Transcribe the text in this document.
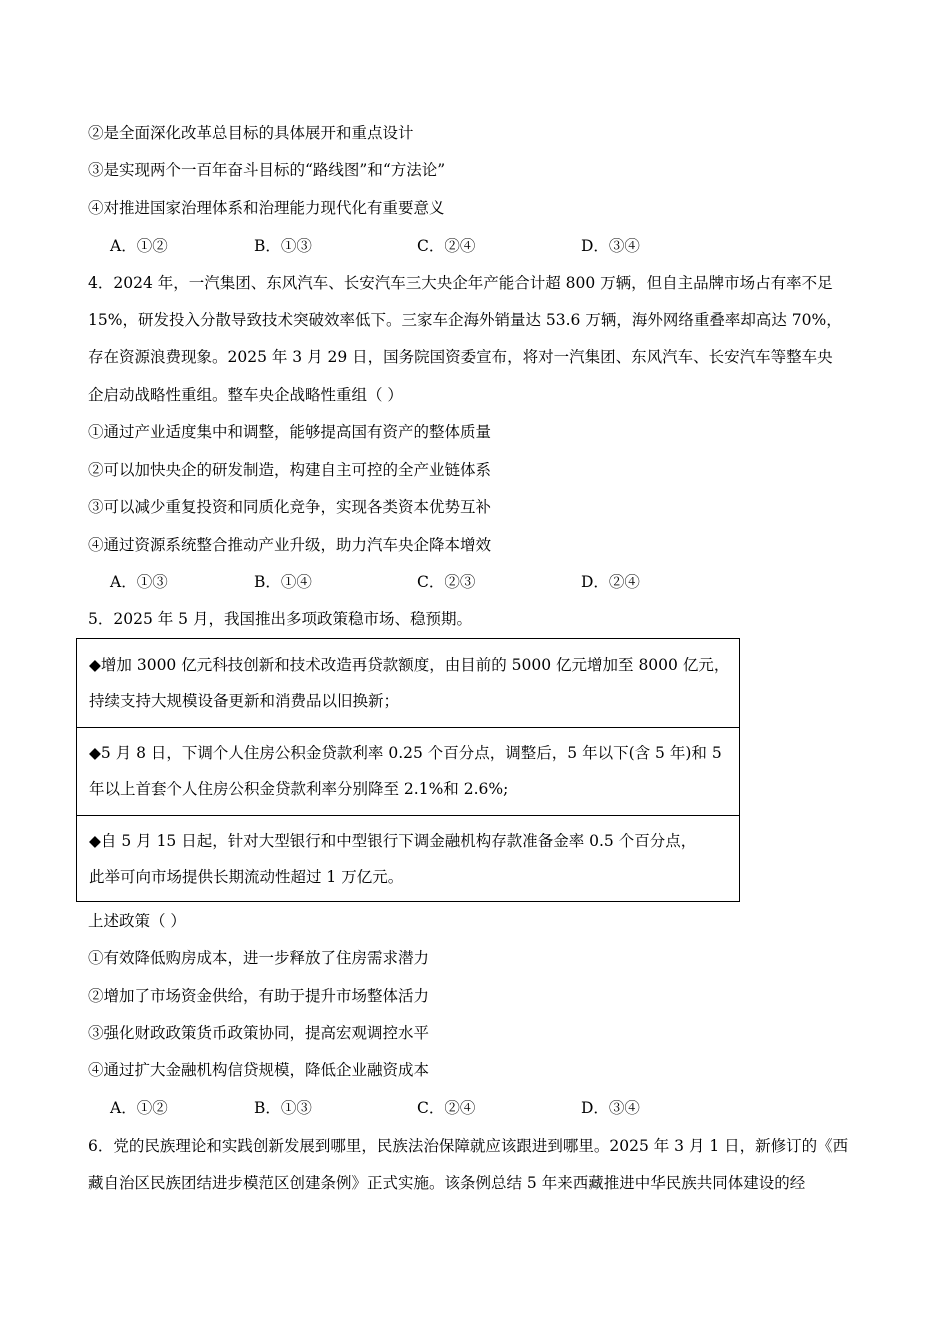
②是全面深化改革总目标的具体展开和重点设计
③是实现两个一百年奋斗目标的“路线图”和“方法论”
④对推进国家治理体系和治理能力现代化有重要意义
A．①②	B．①③	C．②④	D．③④
4．2024 年，一汽集团、东风汽车、长安汽车三大央企年产能合计超 800 万辆，但自主品牌市场占有率不足
15%，研发投入分散导致技术突破效率低下。三家车企海外销量达 53.6 万辆，海外网络重叠率却高达 70%，
存在资源浪费现象。2025 年 3 月 29 日，国务院国资委宣布，将对一汽集团、东风汽车、长安汽车等整车央
企启动战略性重组。整车央企战略性重组（ ）
①通过产业适度集中和调整，能够提高国有资产的整体质量
②可以加快央企的研发制造，构建自主可控的全产业链体系
③可以减少重复投资和同质化竞争，实现各类资本优势互补
④通过资源系统整合推动产业升级，助力汽车央企降本增效
A．①③	B．①④	C．②③	D．②④
5．2025 年 5 月，我国推出多项政策稳市场、稳预期。
◆增加 3000 亿元科技创新和技术改造再贷款额度，由目前的 5000 亿元增加至 8000 亿元，
持续支持大规模设备更新和消费品以旧换新；
◆5 月 8 日，下调个人住房公积金贷款利率 0.25 个百分点，调整后，5 年以下(含 5 年)和 5
年以上首套个人住房公积金贷款利率分别降至 2.1%和 2.6%;
◆自 5 月 15 日起，针对大型银行和中型银行下调金融机构存款准备金率 0.5 个百分点，
此举可向市场提供长期流动性超过 1 万亿元。
上述政策（ ）
①有效降低购房成本，进一步释放了住房需求潜力
②增加了市场资金供给，有助于提升市场整体活力
③强化财政政策货币政策协同，提高宏观调控水平
④通过扩大金融机构信贷规模，降低企业融资成本
A．①②	B．①③	C．②④	D．③④
6．党的民族理论和实践创新发展到哪里，民族法治保障就应该跟进到哪里。2025 年 3 月 1 日，新修订的《西
藏自治区民族团结进步模范区创建条例》正式实施。该条例总结 5 年来西藏推进中华民族共同体建设的经
